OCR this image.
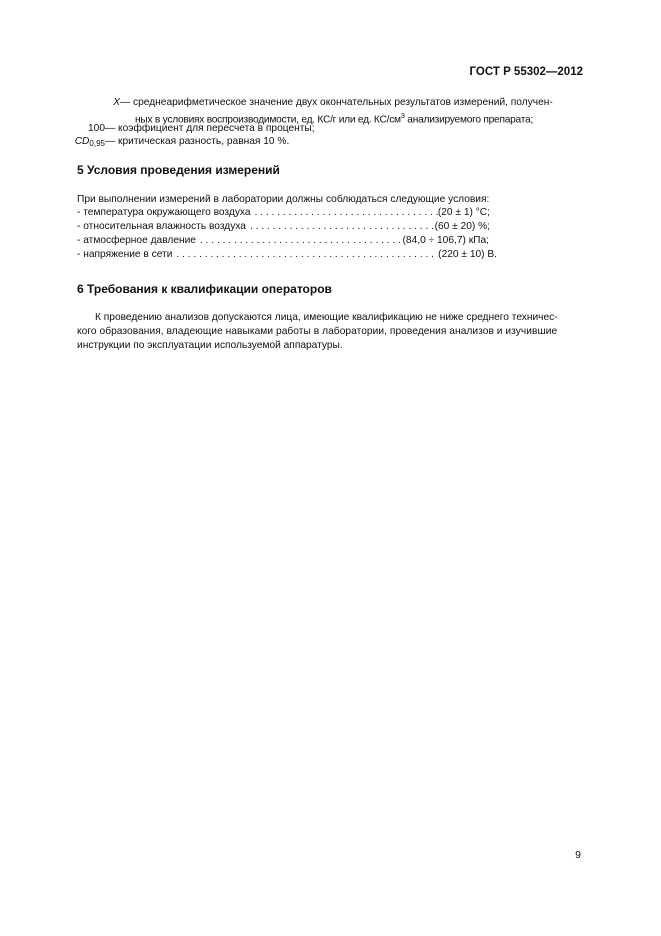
ГОСТ Р 55302—2012
X — среднеарифметическое значение двух окончательных результатов измерений, получен-
ных в условиях воспроизводимости, ед. КС/г или ед. $КС/см^3$ анализируемого препарата;
100 — коэффициент для пересчета в проценты;
$CD_{0,95}$ — критическая разность, равная 10 %.
5 Условия проведения измерений
При выполнении измерений в лаборатории должны соблюдаться следующие условия:
- температура окружающего воздуха . . .	(20 ± 1) °С;
- относительная влажность воздуха . . .	(60 ± 20) %;
- атмосферное давление . . .	(84,0 ÷ 106,7) кПа;
- напряжение в сети . . .	(220 ± 10) В.
6 Требования к квалификации операторов
К проведению анализов допускаются лица, имеющие квалификацию не ниже среднего техничес-
кого образования, владеющие навыками работы в лаборатории, проведения анализов и изучившие
инструкции по эксплуатации используемой аппаратуры.
9
